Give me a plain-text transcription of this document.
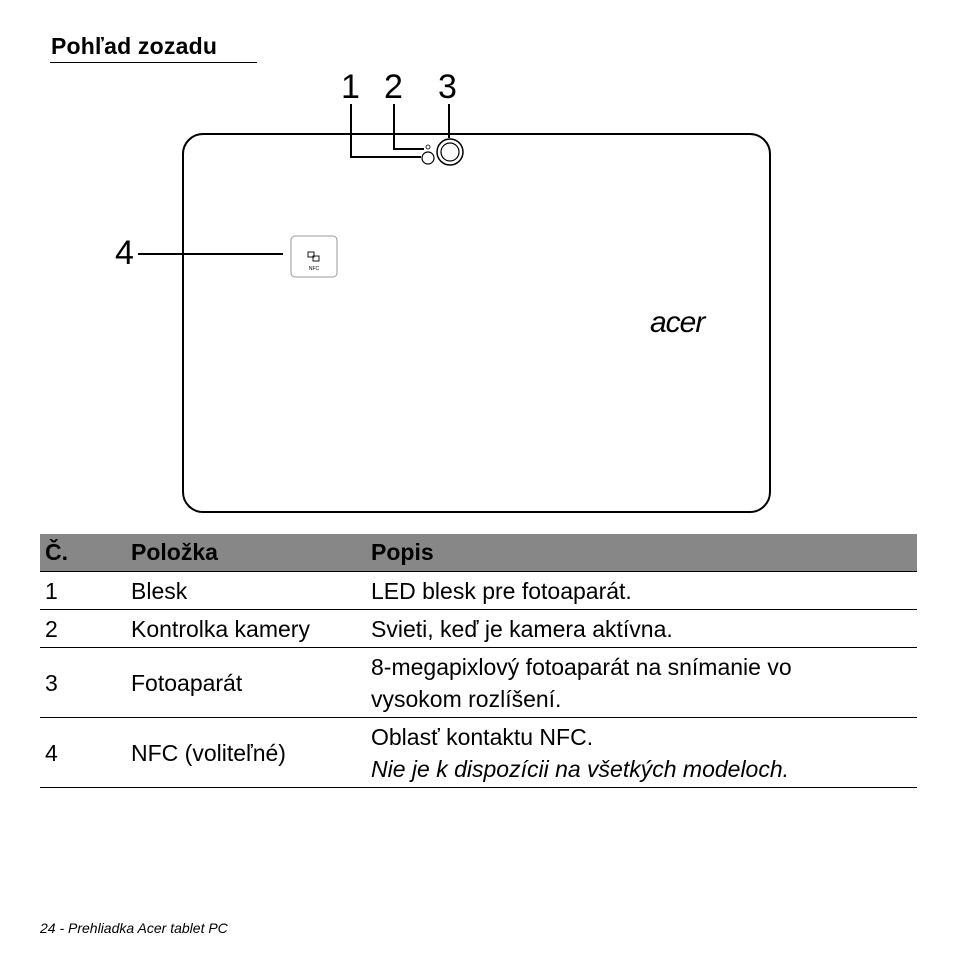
Pohľad zozadu
NFC
acer
1 2 3
4
Č.	Položka	Popis
1	Blesk	LED blesk pre fotoaparát.
2	Kontrolka kamery	Svieti, keď je kamera aktívna.
3	Fotoaparát	8-megapixlový fotoaparát na snímanie vo
vysokom rozlíšení.

4	NFC (voliteľné)	Oblasť kontaktu NFC.
Nie je k dispozícii na všetkých modeloch.
24 - Prehliadka Acer tablet PC
